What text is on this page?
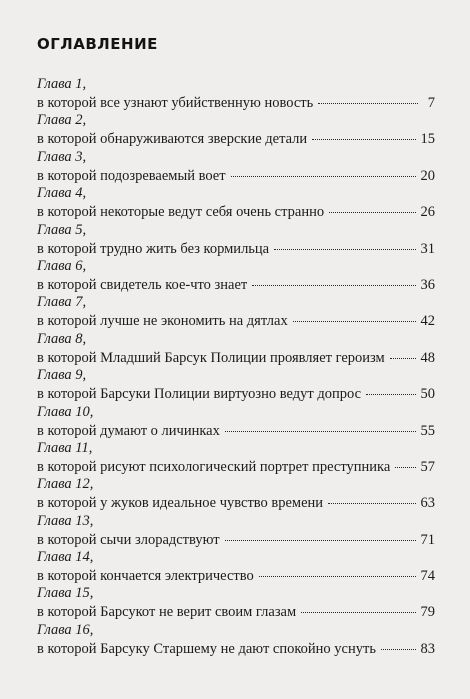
оглавление
Глава 1,
в которой все узнают убийственную новость	7
Глава 2,
в которой обнаруживаются зверские детали	15
Глава 3,
в которой подозреваемый воет	20
Глава 4,
в которой некоторые ведут себя очень странно	26
Глава 5,
в которой трудно жить без кормильца	31
Глава 6,
в которой свидетель кое-что знает	36
Глава 7,
в которой лучше не экономить на дятлах	42
Глава 8,
в которой Младший Барсук Полиции проявляет героизм 48
Глава 9,
в которой Барсуки Полиции виртуозно ведут допрос	50
Глава 10,
в которой думают о личинках	55
Глава 11,
в которой рисуют психологический портрет преступника 57
Глава 12,
в которой у жуков идеальное чувство времени	63
Глава 13,
в которой сычи злорадствуют	71
Глава 14,
в которой кончается электричество	74
Глава 15,
в которой Барсукот не верит своим глазам	79
Глава 16,
в которой Барсуку Старшему не дают спокойно уснуть	83
